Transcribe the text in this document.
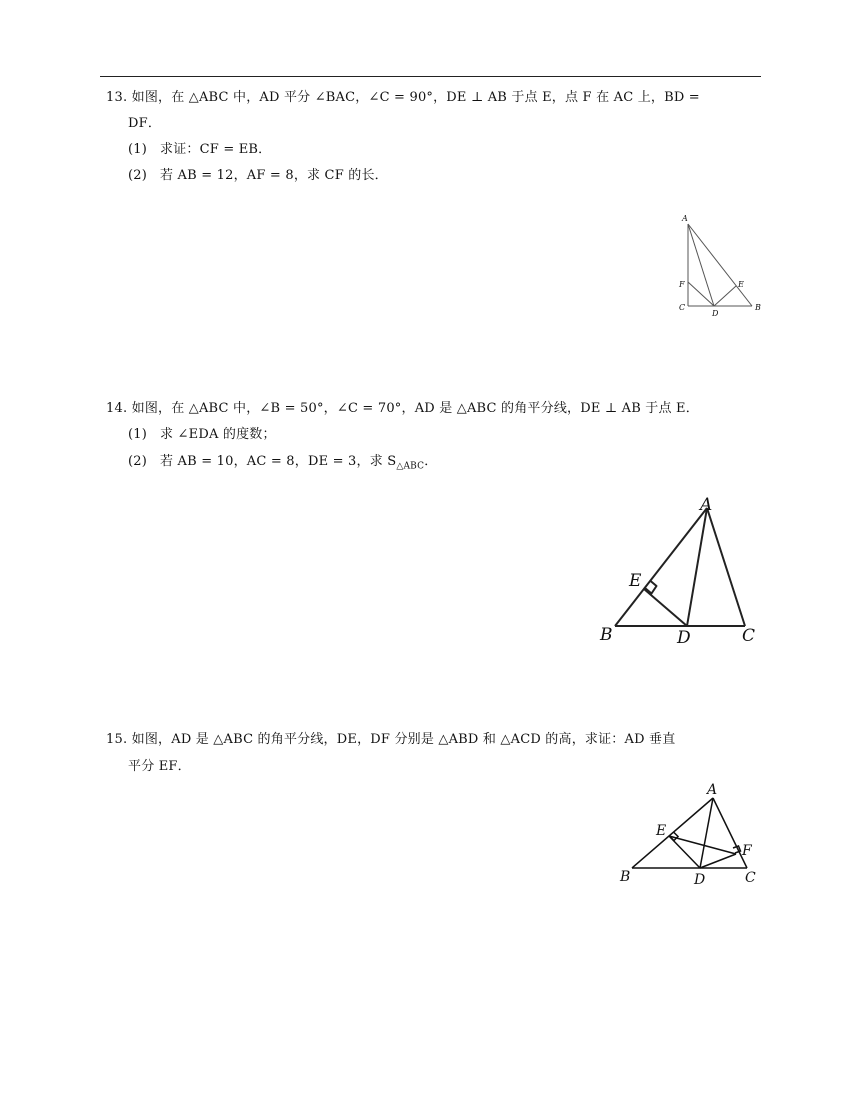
13. 如图，在 △ABC 中，AD 平分 ∠BAC，∠C = 90°，DE ⊥ AB 于点 E，点 F 在 AC 上，BD =
DF．
(1) 求证：CF = EB．
(2) 若 AB = 12，AF = 8，求 CF 的长．
A
F
C
D
E
B
14. 如图，在 △ABC 中，∠B = 50°，∠C = 70°，AD 是 △ABC 的角平分线，DE ⊥ AB 于点 E．
(1) 求 ∠EDA 的度数；
(2) 若 AB = 10，AC = 8，DE = 3，求 $S_{\triangle ABC}$．
A
E
B	D	C
15. 如图，AD 是 △ABC 的角平分线，DE，DF 分别是 △ABD 和 △ACD 的高，求证：AD 垂直
平分 EF．
A
E
F
B	D	C
